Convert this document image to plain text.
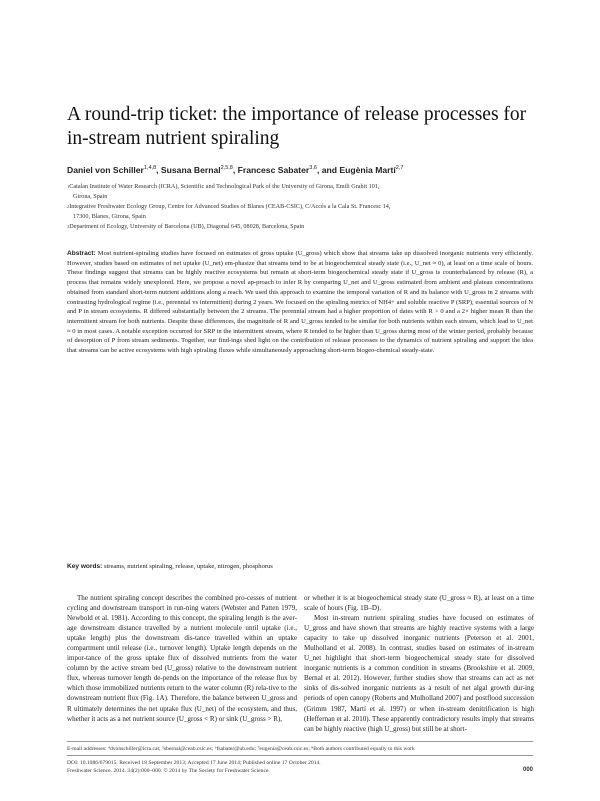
A round-trip ticket: the importance of release processes for in-stream nutrient spiraling
Daniel von Schiller$^{1,4,8}$, Susana Bernal$^{2,5,8}$, Francesc Sabater$^{3,6}$, and Eugènia Martí$^{2,7}$
$^1$Catalan Institute of Water Research (ICRA), Scientific and Technological Park of the University of Girona, Emili Grahit 101,
Girona, Spain
$^2$Integrative Freshwater Ecology Group, Centre for Advanced Studies of Blanes (CEAB-CSIC), C/Accés a la Cala St. Francesc 14,
17300, Blanes, Girona, Spain
$^3$Department of Ecology, University of Barcelona (UB), Diagonal 645, 08028, Barcelona, Spain
Abstract: Most nutrient-spiraling studies have focused on estimates of gross uptake (U_gross) which show that streams take up dissolved inorganic nutrients very efficiently. However, studies based on estimates of net uptake (U_net) em-phasize that streams tend to be at biogeochemical steady state (i.e., U_net ≈ 0), at least on a time scale of hours. These findings suggest that streams can be highly reactive ecosystems but remain at short-term biogeochemical steady state if U_gross is counterbalanced by release (R), a process that remains widely unexplored. Here, we propose a novel ap-proach to infer R by comparing U_net and U_gross estimated from ambient and plateau concentrations obtained from standard short-term nutrient additions along a reach. We used this approach to examine the temporal variation of R and its balance with U_gross in 2 streams with contrasting hydrological regime (i.e., perennial vs intermittent) during 2 years. We focused on the spiraling metrics of NH4+ and soluble reactive P (SRP), essential sources of N and P in stream ecosystems. R differed substantially between the 2 streams. The perennial stream had a higher proportion of dates with R > 0 and a 2× higher mean R than the intermittent stream for both nutrients. Despite these differences, the magnitude of R and U_gross tended to be similar for both nutrients within each stream, which lead to U_net ≈ 0 in most cases. A notable exception occurred for SRP in the intermittent stream, where R tended to be higher than U_gross during most of the winter period, probably because of desorption of P from stream sediments. Together, our find-ings shed light on the contribution of release processes to the dynamics of nutrient spiraling and support the idea that streams can be active ecosystems with high spiraling fluxes while simultaneously approaching short-term biogeo-chemical steady-state.
Key words: streams, nutrient spiraling, release, uptake, nitrogen, phosphorus

The nutrient spiraling concept describes the combined pro-cesses of nutrient cycling and downstream transport in run-ning waters (Webster and Patten 1979, Newbold et al. 1981). According to this concept, the spiraling length is the aver-age downstream distance travelled by a nutrient molecule until uptake (i.e., uptake length) plus the downstream dis-tance travelled within an uptake compartment until release (i.e., turnover length). Uptake length depends on the impor-tance of the gross uptake flux of dissolved nutrients from the water column by the active stream bed (U_gross) relative to the downstream nutrient flux, whereas turnover length de-pends on the importance of the release flux by which those immobilized nutrients return to the water column (R) rela-tive to the downstream nutrient flux (Fig. 1A). Therefore, the balance between U_gross and R ultimately determines the net uptake flux (U_net) of the ecosystem, and thus, whether it acts as a net nutrient source (U_gross < R) or sink (U_gross > R),

or whether it is at biogeochemical steady state (U_gross ≈ R), at least on a time scale of hours (Fig. 1B–D).

Most in-stream nutrient spiraling studies have focused on estimates of U_gross and have shown that streams are highly reactive systems with a large capacity to take up dissolved inorganic nutrients (Peterson et al. 2001, Mulholland et al. 2008). In contrast, studies based on estimates of in-stream U_net highlight that short-term biogeochemical steady state for dissolved inorganic nutrients is a common condition in streams (Brookshire et al. 2009, Bernal et al. 2012). However, further studies show that streams can act as net sinks of dis-solved inorganic nutrients as a result of net algal growth dur-ing periods of open canopy (Roberts and Mulholland 2007) and postflood succession (Grimm 1987, Martí et al. 1997) or when in-stream denitrification is high (Heffernan et al. 2010). These apparently contradictory results imply that streams can be highly reactive (high U_gross) but still be at short-

E-mail addresses: ⁴dvonschiller@icra.cat; ⁵sbernal@ceab.csic.es; ⁶fsabater@ub.edu; ⁷eugenia@ceab.csic.es; ⁸Both authors contributed equally to this work
DOI: 10.1086/679015. Received 18 September 2013; Accepted 17 June 2014; Published online 17 October 2014.
Freshwater Science. 2014. 34(2):000–000. © 2014 by The Society for Freshwater Science.	000
